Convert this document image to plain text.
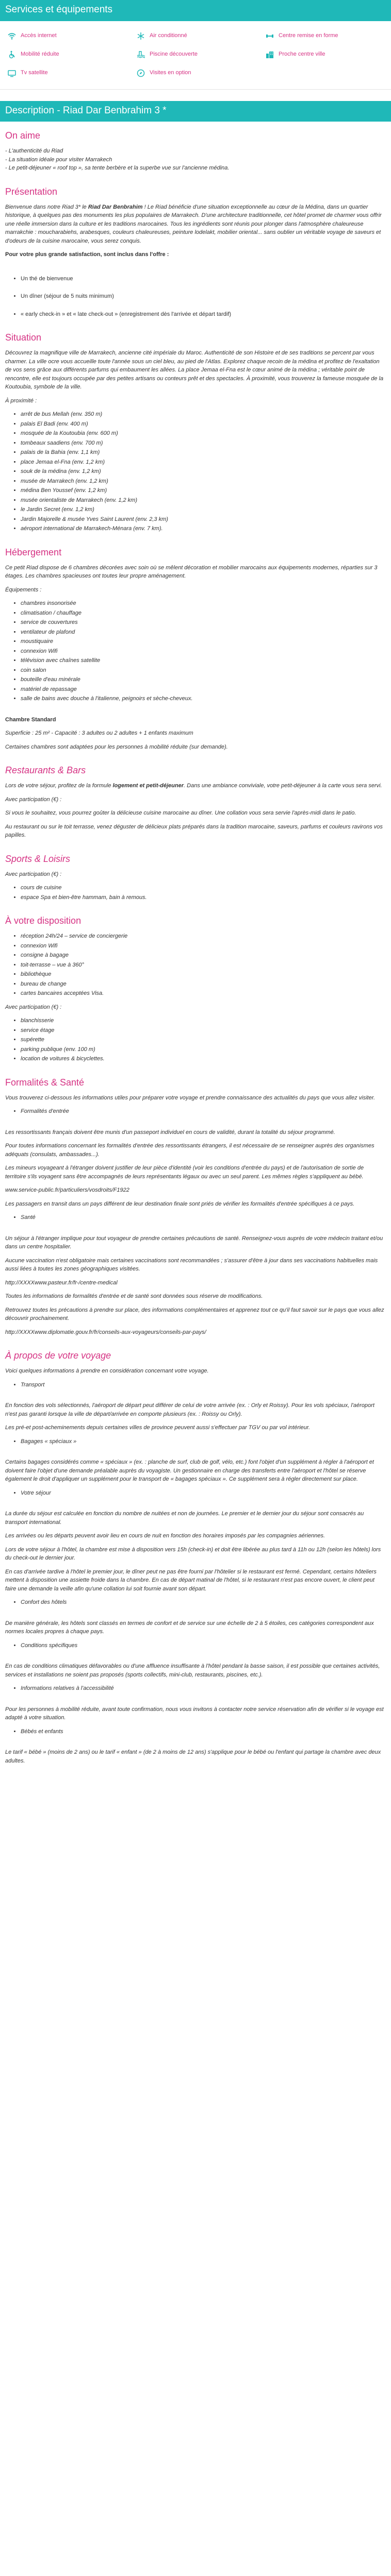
Services et équipements
Accès internet	Air conditionné	Centre remise en forme
Mobilité réduite	Piscine découverte	Proche centre ville
Tv satellite	Visites en option
Description - Riad Dar Benbrahim 3 *
On aime

- L'authenticité du Riad

- La situation idéale pour visiter Marrakech

- Le petit-déjeuner « roof top », sa tente berbère et la superbe vue sur l'ancienne médina.

Présentation

Bienvenue dans notre Riad 3* le Riad Dar Benbrahim ! Le Riad bénéficie d'une situation exceptionnelle au cœur de la Médina, dans un quartier historique, à quelques pas des monuments les plus populaires de Marrakech. D'une architecture traditionnelle, cet hôtel promet de charmer vous offrir une réelle immersion dans la culture et les traditions marocaines. Tous les ingrédients sont réunis pour plonger dans l'atmosphère chaleureuse marrakchie : moucharabiehs, arabesques, couleurs chaleureuses, peinture lodelakt, mobilier oriental... sans oublier un véritable voyage de saveurs et d'odeurs de la cuisine marocaine, vous serez conquis.

Pour votre plus grande satisfaction, sont inclus dans l'offre :

• Un thé de bienvenue
• Un dîner (séjour de 5 nuits minimum)
• « early check-in » et « late check-out » (enregistrement dès l'arrivée et départ tardif)
Situation

Découvrez la magnifique ville de Marrakech, ancienne cité impériale du Maroc. Authenticité de son Histoire et de ses traditions se percent par vous charmer. La ville ocre vous accueille toute l'année sous un ciel bleu, au pied de l'Atlas. Explorez chaque recoin de la médina et profitez de l'exaltation de vos sens grâce aux différents parfums qui embaument les allées. La place Jemaa el-Fna est le cœur animé de la médina ; véritable point de rencontre, elle est toujours occupée par des petites artisans ou conteurs prêt et des spectacles. À proximité, vous trouverez la fameuse mosquée de la Koutoubia, symbole de la ville.

À proximité :

• arrêt de bus Mellah (env. 350 m)
• palais El Badi (env. 400 m)
• mosquée de la Koutoubia (env. 600 m)
• tombeaux saadiens (env. 700 m)
• palais de la Bahia (env. 1,1 km)
• place Jemaa el-Fna (env. 1,2 km)
• souk de la médina (env. 1,2 km)
• musée de Marrakech (env. 1,2 km)
• médina Ben Youssef (env. 1,2 km)
• musée orientaliste de Marrakech (env. 1,2 km)
• le Jardin Secret (env. 1,2 km)
• Jardin Majorelle & musée Yves Saint Laurent (env. 2,3 km)
• aéroport international de Marrakech-Ménara (env. 7 km).
Hébergement

Ce petit Riad dispose de 6 chambres décorées avec soin où se mêlent décoration et mobilier marocains aux équipements modernes, réparties sur 3 étages. Les chambres spacieuses ont toutes leur propre aménagement.

Équipements :

• chambres insonorisée
• climatisation / chauffage
• service de couvertures
• ventilateur de plafond
• moustiquaire
• connexion Wifi
• télévision avec chaînes satellite
• coin salon
• bouteille d'eau minérale
• matériel de repassage
• salle de bains avec douche à l'italienne, peignoirs et sèche-cheveux.

Chambre Standard

Superficie : 25 m² - Capacité : 3 adultes ou 2 adultes + 1 enfants maximum

Certaines chambres sont adaptées pour les personnes à mobilité réduite (sur demande).

Restaurants & Bars

Lors de votre séjour, profitez de la formule logement et petit-déjeuner. Dans une ambiance conviviale, votre petit-déjeuner à la carte vous sera servi.

Avec participation (€) :

Si vous le souhaitez, vous pourrez goûter la délicieuse cuisine marocaine au dîner. Une collation vous sera servie l'après-midi dans le patio.

Au restaurant ou sur le toit terrasse, venez déguster de délicieux plats préparés dans la tradition marocaine, saveurs, parfums et couleurs ravirons vos papilles.

Sports & Loisirs

Avec participation (€) :

• cours de cuisine
• espace Spa et bien-être hammam, bain à remous.
À votre disposition
• réception 24h/24 – service de conciergerie
• connexion Wifi
• consigne à bagage
• toit-terrasse – vue à 360°
• bibliothèque
• bureau de change
• cartes bancaires acceptées Visa.

Avec participation (€) :

• blanchisserie
• service étage
• supérette
• parking publique (env. 100 m)
• location de voitures & bicyclettes.
Formalités & Santé

Vous trouverez ci-dessous les informations utiles pour préparer votre voyage et prendre connaissance des actualités du pays que vous allez visiter.

• Formalités d'entrée

Les ressortissants français doivent être munis d'un passeport individuel en cours de validité, durant la totalité du séjour programmé.

Pour toutes informations concernant les formalités d'entrée des ressortissants étrangers, il est nécessaire de se renseigner auprès des organismes adéquats (consulats, ambassades...).

Les mineurs voyageant à l'étranger doivent justifier de leur pièce d'identité (voir les conditions d'entrée du pays) et de l'autorisation de sortie de territoire s'ils voyagent sans être accompagnés de leurs représentants légaux ou avec un seul parent. Les mêmes règles s'appliquent au bébé.

www.service-public.fr/particuliers/vosdroits/F1922

Les passagers en transit dans un pays différent de leur destination finale sont priés de vérifier les formalités d'entrée spécifiques à ce pays.

• Santé

Un séjour à l'étranger implique pour tout voyageur de prendre certaines précautions de santé. Renseignez-vous auprès de votre médecin traitant et/ou dans un centre hospitalier.

Aucune vaccination n'est obligatoire mais certaines vaccinations sont recommandées ; s'assurer d'être à jour dans ses vaccinations habituelles mais aussi liées à toutes les zones géographiques visitées.

http://XXXXwww.pasteur.fr/fr-/centre-medical

Toutes les informations de formalités d'entrée et de santé sont données sous réserve de modifications.

Retrouvez toutes les précautions à prendre sur place, des informations complémentaires et apprenez tout ce qu'il faut savoir sur le pays que vous allez découvrir prochainement.

http://XXXXwww.diplomatie.gouv.fr/fr/conseils-aux-voyageurs/conseils-par-pays/

À propos de votre voyage

Voici quelques informations à prendre en considération concernant votre voyage.

• Transport

En fonction des vols sélectionnés, l'aéroport de départ peut différer de celui de votre arrivée (ex. : Orly et Roissy). Pour les vols spéciaux, l'aéroport n'est pas garanti lorsque la ville de départ/arrivée en comporte plusieurs (ex. : Roissy ou Orly).

Les pré-et post-acheminements depuis certaines villes de province peuvent aussi s'effectuer par TGV ou par vol intérieur.

• Bagages « spéciaux »

Certains bagages considérés comme « spéciaux » (ex. : planche de surf, club de golf, vélo, etc.) font l'objet d'un supplément à régler à l'aéroport et doivent faire l'objet d'une demande préalable auprès du voyagiste. Un gestionnaire en charge des transferts entre l'aéroport et l'hôtel se réserve également le droit d'appliquer un supplément pour le transport de « bagages spéciaux ». Ce supplément sera à régler directement sur place.

• Votre séjour

La durée du séjour est calculée en fonction du nombre de nuitées et non de journées. Le premier et le dernier jour du séjour sont consacrés au transport international.

Les arrivées ou les départs peuvent avoir lieu en cours de nuit en fonction des horaires imposés par les compagnies aériennes.

Lors de votre séjour à l'hôtel, la chambre est mise à disposition vers 15h (check-in) et doit être libérée au plus tard à 11h ou 12h (selon les hôtels) lors du check-out le dernier jour.

En cas d'arrivée tardive à l'hôtel le premier jour, le dîner peut ne pas être fourni par l'hôtelier si le restaurant est fermé. Cependant, certains hôteliers mettent à disposition une assiette froide dans la chambre. En cas de départ matinal de l'hôtel, si le restaurant n'est pas encore ouvert, le client peut faire une demande la veille afin qu'une collation lui soit fournie avant son départ.

• Confort des hôtels

De manière générale, les hôtels sont classés en termes de confort et de service sur une échelle de 2 à 5 étoiles, ces catégories correspondent aux normes locales propres à chaque pays.

• Conditions spécifiques

En cas de conditions climatiques défavorables ou d'une affluence insuffisante à l'hôtel pendant la basse saison, il est possible que certaines activités, services et installations ne soient pas proposés (sports collectifs, mini-club, restaurants, piscines, etc.).

• Informations relatives à l'accessibilité

Pour les personnes à mobilité réduite, avant toute confirmation, nous vous invitons à contacter notre service réservation afin de vérifier si le voyage est adapté à votre situation.

• Bébés et enfants

Le tarif « bébé » (moins de 2 ans) ou le tarif « enfant » (de 2 à moins de 12 ans) s'applique pour le bébé ou l'enfant qui partage la chambre avec deux adultes.
